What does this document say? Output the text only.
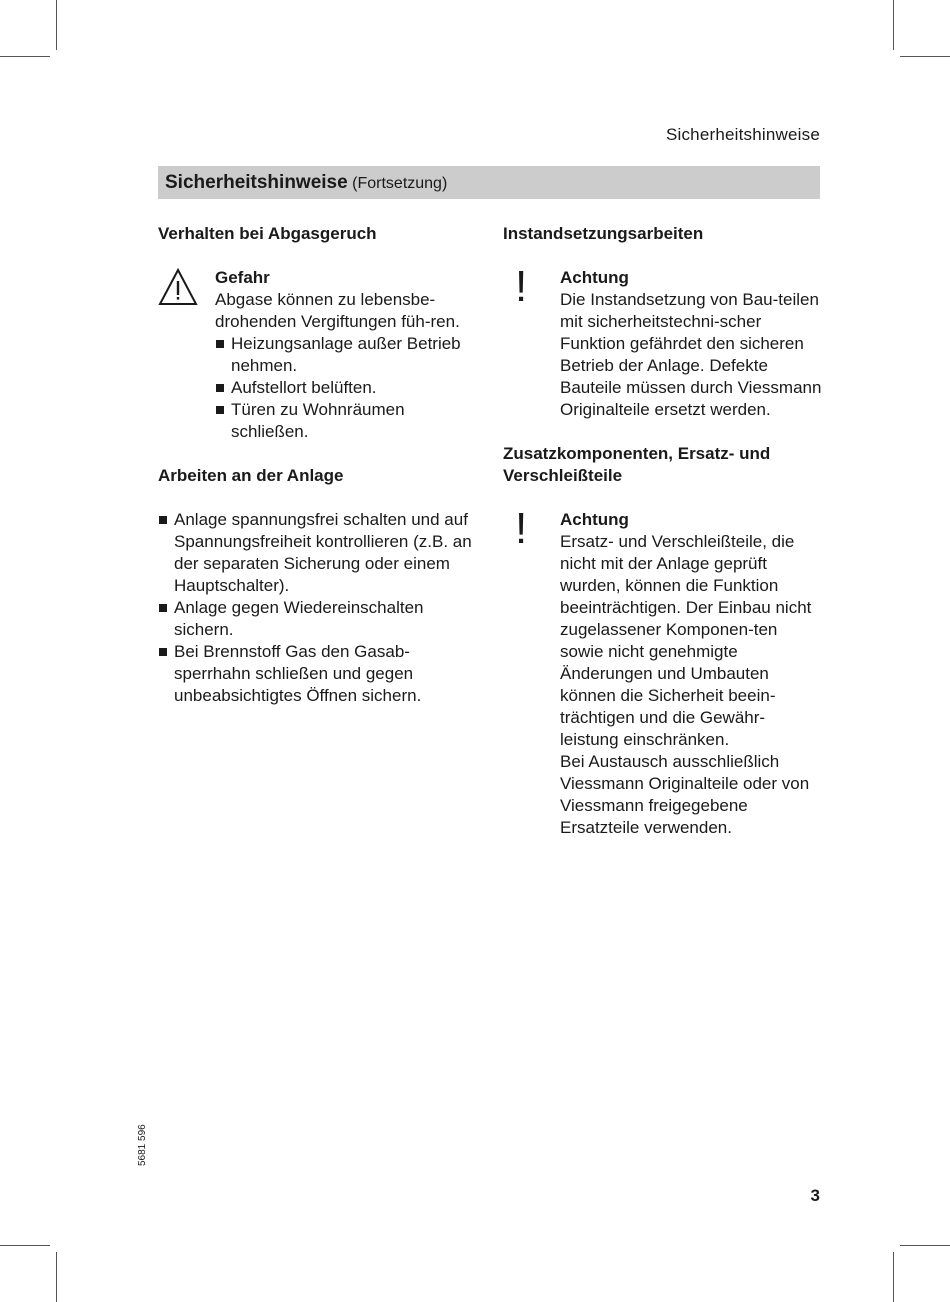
Sicherheitshinweise
Sicherheitshinweise (Fortsetzung)
Verhalten bei Abgasgeruch
Gefahr

Abgase können zu lebensbe-drohenden Vergiftungen füh-ren.

Heizungsanlage außer Betrieb nehmen.
Aufstellort belüften.
Türen zu Wohnräumen schließen.
Arbeiten an der Anlage
Anlage spannungsfrei schalten und auf Spannungsfreiheit kontrollieren (z.B. an der separaten Sicherung oder einem Hauptschalter).
Anlage gegen Wiedereinschalten sichern.
Bei Brennstoff Gas den Gasab-sperrhahn schließen und gegen unbeabsichtigtes Öffnen sichern.
Instandsetzungsarbeiten
! Achtung

Die Instandsetzung von Bau-teilen mit sicherheitstechni-scher Funktion gefährdet den sicheren Betrieb der Anlage. Defekte Bauteile müssen durch Viessmann Originalteile ersetzt werden.

Zusatzkomponenten, Ersatz- und Verschleißteile
! Achtung

Ersatz- und Verschleißteile, die nicht mit der Anlage geprüft wurden, können die Funktion beeinträchtigen. Der Einbau nicht zugelassener Komponen-ten sowie nicht genehmigte Änderungen und Umbauten können die Sicherheit beein-trächtigen und die Gewähr-leistung einschränken.

Bei Austausch ausschließlich Viessmann Originalteile oder von Viessmann freigegebene Ersatzteile verwenden.

5681 596
3
